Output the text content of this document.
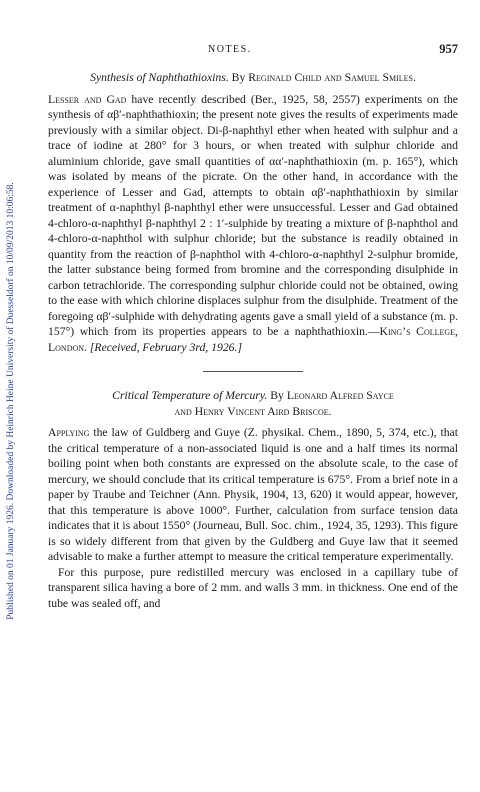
Published on 01 January 1926. Downloaded by Heinrich Heine University of Duesseldorf on 10/09/2013 10:06:58.
NOTES.	957

Synthesis of Naphthathioxins. By Reginald Child and Samuel Smiles.

Lesser and Gad have recently described (Ber., 1925, 58, 2557) experiments on the synthesis of αβ′-naphthathioxin; the present note gives the results of experiments made previously with a similar object. Di-β-naphthyl ether when heated with sulphur and a trace of iodine at 280° for 3 hours, or when treated with sulphur chloride and aluminium chloride, gave small quantities of αα′-naphthathioxin (m. p. 165°), which was isolated by means of the picrate. On the other hand, in accordance with the experience of Lesser and Gad, attempts to obtain αβ′-naphthathioxin by similar treatment of α-naphthyl β-naphthyl ether were unsuccessful. Lesser and Gad obtained 4-chloro-α-naphthyl β-naphthyl 2 : 1′-sulphide by treating a mixture of β-naphthol and 4-chloro-α-naphthol with sulphur chloride; but the substance is readily obtained in quantity from the reaction of β-naphthol with 4-chloro-α-naphthyl 2-sulphur bromide, the latter substance being formed from bromine and the corresponding disulphide in carbon tetrachloride. The corresponding sulphur chloride could not be obtained, owing to the ease with which chlorine displaces sulphur from the disulphide. Treatment of the foregoing αβ′-sulphide with dehydrating agents gave a small yield of a substance (m. p. 157°) which from its properties appears to be a naphthathioxin.—King’s College, London. [Received, February 3rd, 1926.]

Critical Temperature of Mercury. By Leonard Alfred Sayce
and Henry Vincent Aird Briscoe.

Applying the law of Guldberg and Guye (Z. physikal. Chem., 1890, 5, 374, etc.), that the critical temperature of a non-associated liquid is one and a half times its normal boiling point when both constants are expressed on the absolute scale, to the case of mercury, we should conclude that its critical temperature is 675°. From a brief note in a paper by Traube and Teichner (Ann. Physik, 1904, 13, 620) it would appear, however, that this temperature is above 1000°. Further, calculation from surface tension data indicates that it is about 1550° (Journeau, Bull. Soc. chim., 1924, 35, 1293). This figure is so widely different from that given by the Guldberg and Guye law that it seemed advisable to make a further attempt to measure the critical temperature experimentally.

For this purpose, pure redistilled mercury was enclosed in a capillary tube of transparent silica having a bore of 2 mm. and walls 3 mm. in thickness. One end of the tube was sealed off, and
